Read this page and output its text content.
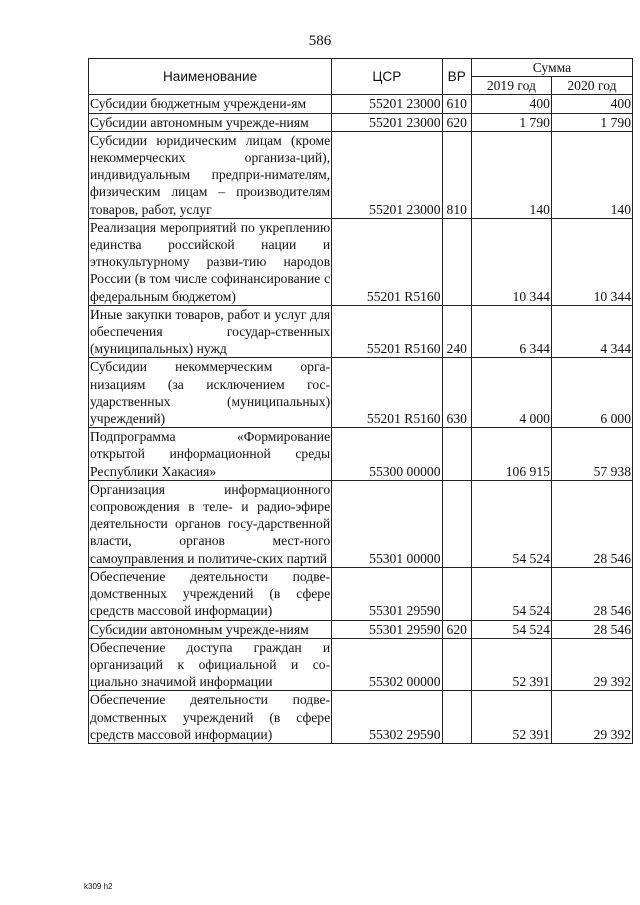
586
Наименование	ЦСР	ВР	Сумма	
			2019 год	2020 год
Субсидии бюджетным учреждени-ям	55201 23000	610	400	400
Субсидии автономным учрежде-ниям	55201 23000	620	1 790	1 790
Субсидии юридическим лицам (кроме некоммерческих организа-ций), индивидуальным предпри-нимателям, физическим лицам – производителям товаров, работ, услуг	55201 23000	810	140	140
Реализация мероприятий по укреплению единства российской нации и этнокультурному разви-тию народов России (в том числе софинансирование с федеральным бюджетом)	55201 R5160		10 344	10 344
Иные закупки товаров, работ и услуг для обеспечения государ-ственных (муниципальных) нужд	55201 R5160	240	6 344	4 344
Субсидии некоммерческим орга-низациям (за исключением гос-ударственных (муниципальных) учреждений)	55201 R5160	630	4 000	6 000
Подпрограмма «Формирование открытой информационной среды Республики Хакасия»	55300 00000		106 915	57 938
Организация информационного сопровождения в теле- и радио-эфире деятельности органов госу-дарственной власти, органов мест-ного самоуправления и политиче-ских партий	55301 00000		54 524	28 546
Обеспечение деятельности подве-домственных учреждений (в сфере средств массовой информации)	55301 29590		54 524	28 546
Субсидии автономным учрежде-ниям	55301 29590	620	54 524	28 546
Обеспечение доступа граждан и организаций к официальной и со-циально значимой информации	55302 00000		52 391	29 392
Обеспечение деятельности подве-домственных учреждений (в сфере средств массовой информации)	55302 29590		52 391	29 392
k309 h2
